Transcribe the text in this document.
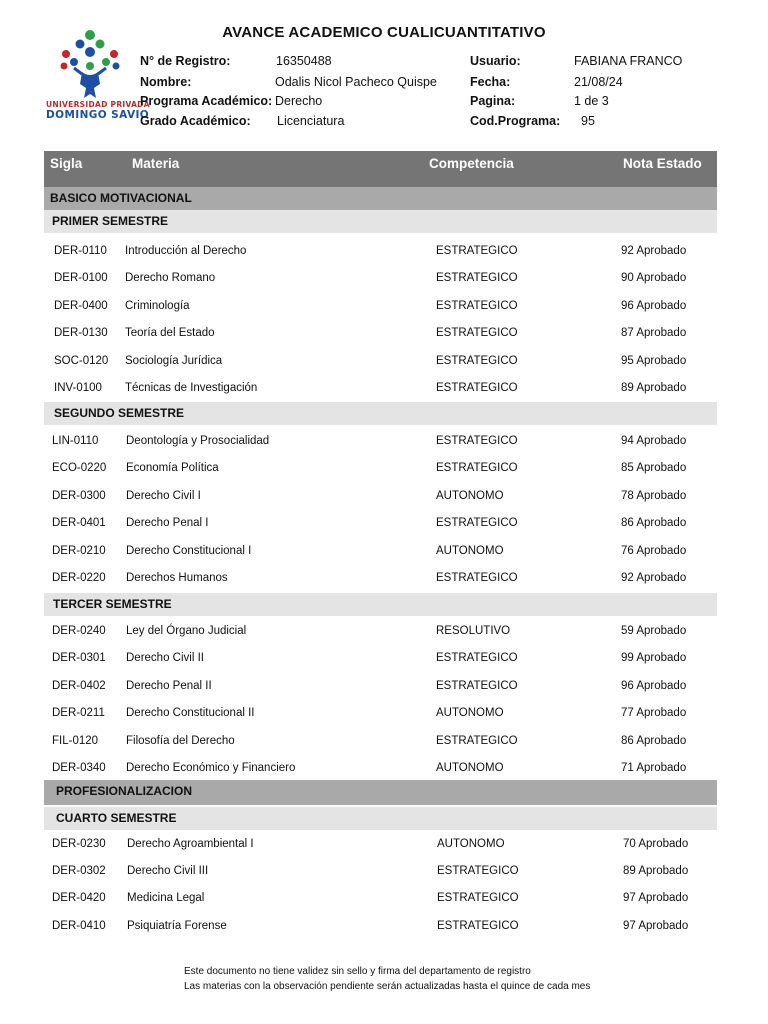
AVANCE ACADEMICO CUALICUANTITATIVO
UNIVERSIDAD PRIVADA
DOMINGO SAVIO
N° de Registro:	16350488
Nombre:	Odalis Nicol Pacheco Quispe
Programa Académico: Derecho
Grado Académico: Licenciatura
Usuario:	FABIANA FRANCO
Fecha:	21/08/24
Pagina:	1 de 3
Cod.Programa: 95
Sigla	Materia	Competencia	Nota Estado
BASICO MOTIVACIONAL
PRIMER SEMESTRE
DER-0110 Introducción al Derecho	ESTRATEGICO	92 Aprobado
DER-0100 Derecho Romano	ESTRATEGICO	90 Aprobado
DER-0400 Criminología	ESTRATEGICO	96 Aprobado
DER-0130 Teoría del Estado	ESTRATEGICO	87 Aprobado
SOC-0120 Sociología Jurídica	ESTRATEGICO	95 Aprobado
INV-0100 Técnicas de Investigación	ESTRATEGICO	89 Aprobado
SEGUNDO SEMESTRE
LIN-0110 Deontología y Prosocialidad	ESTRATEGICO	94 Aprobado
ECO-0220 Economía Política	ESTRATEGICO	85 Aprobado
DER-0300 Derecho Civil I	AUTONOMO	78 Aprobado
DER-0401 Derecho Penal I	ESTRATEGICO	86 Aprobado
DER-0210 Derecho Constitucional I	AUTONOMO	76 Aprobado
DER-0220 Derechos Humanos	ESTRATEGICO	92 Aprobado
TERCER SEMESTRE
DER-0240 Ley del Órgano Judicial	RESOLUTIVO	59 Aprobado
DER-0301 Derecho Civil II	ESTRATEGICO	99 Aprobado
DER-0402 Derecho Penal II	ESTRATEGICO	96 Aprobado
DER-0211 Derecho Constitucional II	AUTONOMO	77 Aprobado
FIL-0120 Filosofía del Derecho	ESTRATEGICO	86 Aprobado
DER-0340 Derecho Económico y Financiero	AUTONOMO	71 Aprobado
PROFESIONALIZACION
CUARTO SEMESTRE
DER-0230 Derecho Agroambiental I	AUTONOMO	70 Aprobado
DER-0302 Derecho Civil III	ESTRATEGICO	89 Aprobado
DER-0420 Medicina Legal	ESTRATEGICO	97 Aprobado
DER-0410 Psiquiatría Forense	ESTRATEGICO	97 Aprobado
Este documento no tiene validez sin sello y firma del departamento de registro
Las materias con la observación pendiente serán actualizadas hasta el quince de cada mes
